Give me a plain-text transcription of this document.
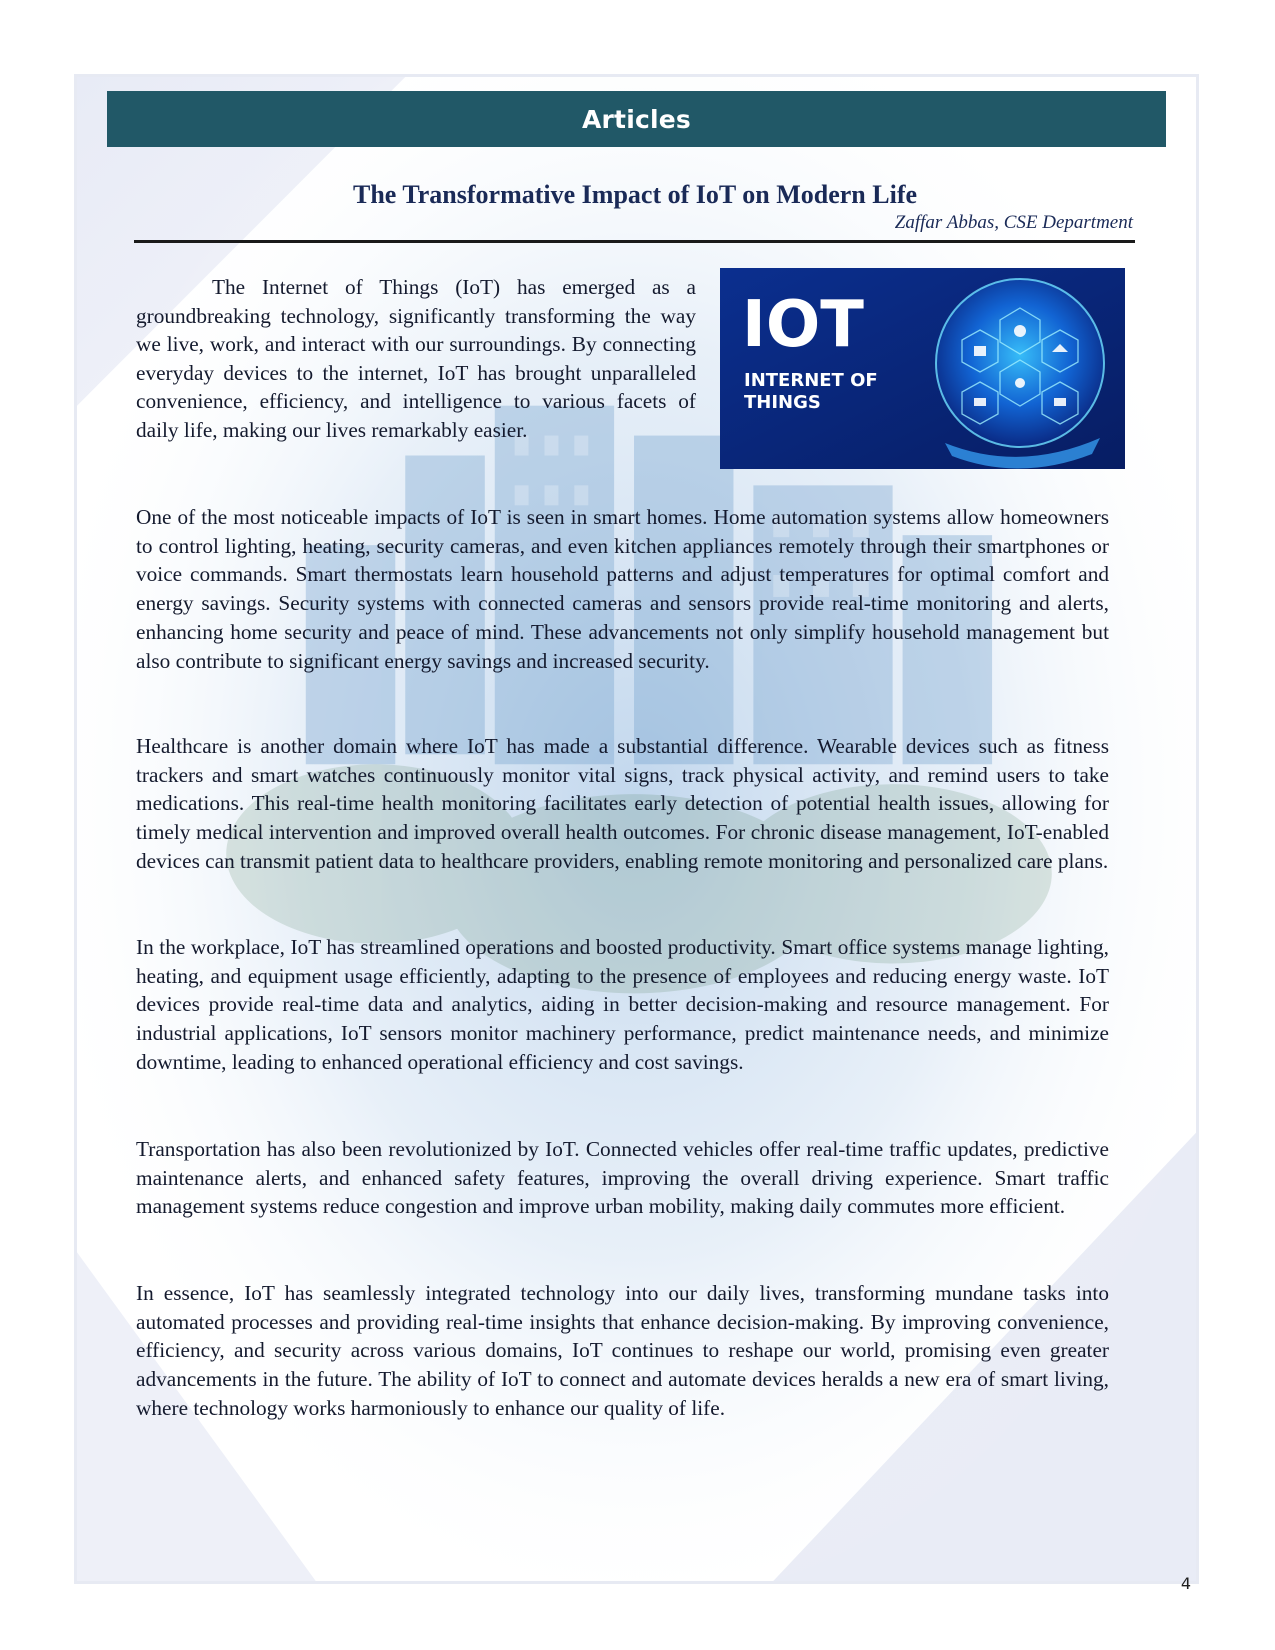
Articles
The Transformative Impact of IoT on Modern Life
Zaffar Abbas, CSE Department

The Internet of Things (IoT) has emerged as a groundbreaking technology, significantly transforming the way we live, work, and interact with our surroundings. By connecting everyday devices to the internet, IoT has brought unparalleled convenience, efficiency, and intelligence to various facets of daily life, making our lives remarkably easier.

IOT
INTERNET OF
THINGS

One of the most noticeable impacts of IoT is seen in smart homes. Home automation systems allow homeowners to control lighting, heating, security cameras, and even kitchen appliances remotely through their smartphones or voice commands. Smart thermostats learn household patterns and adjust temperatures for optimal comfort and energy savings. Security systems with connected cameras and sensors provide real-time monitoring and alerts, enhancing home security and peace of mind. These advancements not only simplify household management but also contribute to significant energy savings and increased security.

Healthcare is another domain where IoT has made a substantial difference. Wearable devices such as fitness trackers and smart watches continuously monitor vital signs, track physical activity, and remind users to take medications. This real-time health monitoring facilitates early detection of potential health issues, allowing for timely medical intervention and improved overall health outcomes. For chronic disease management, IoT-enabled devices can transmit patient data to healthcare providers, enabling remote monitoring and personalized care plans.

In the workplace, IoT has streamlined operations and boosted productivity. Smart office systems manage lighting, heating, and equipment usage efficiently, adapting to the presence of employees and reducing energy waste. IoT devices provide real-time data and analytics, aiding in better decision-making and resource management. For industrial applications, IoT sensors monitor machinery performance, predict maintenance needs, and minimize downtime, leading to enhanced operational efficiency and cost savings.

Transportation has also been revolutionized by IoT. Connected vehicles offer real-time traffic updates, predictive maintenance alerts, and enhanced safety features, improving the overall driving experience. Smart traffic management systems reduce congestion and improve urban mobility, making daily commutes more efficient.

In essence, IoT has seamlessly integrated technology into our daily lives, transforming mundane tasks into automated processes and providing real-time insights that enhance decision-making. By improving convenience, efficiency, and security across various domains, IoT continues to reshape our world, promising even greater advancements in the future. The ability of IoT to connect and automate devices heralds a new era of smart living, where technology works harmoniously to enhance our quality of life.

4
